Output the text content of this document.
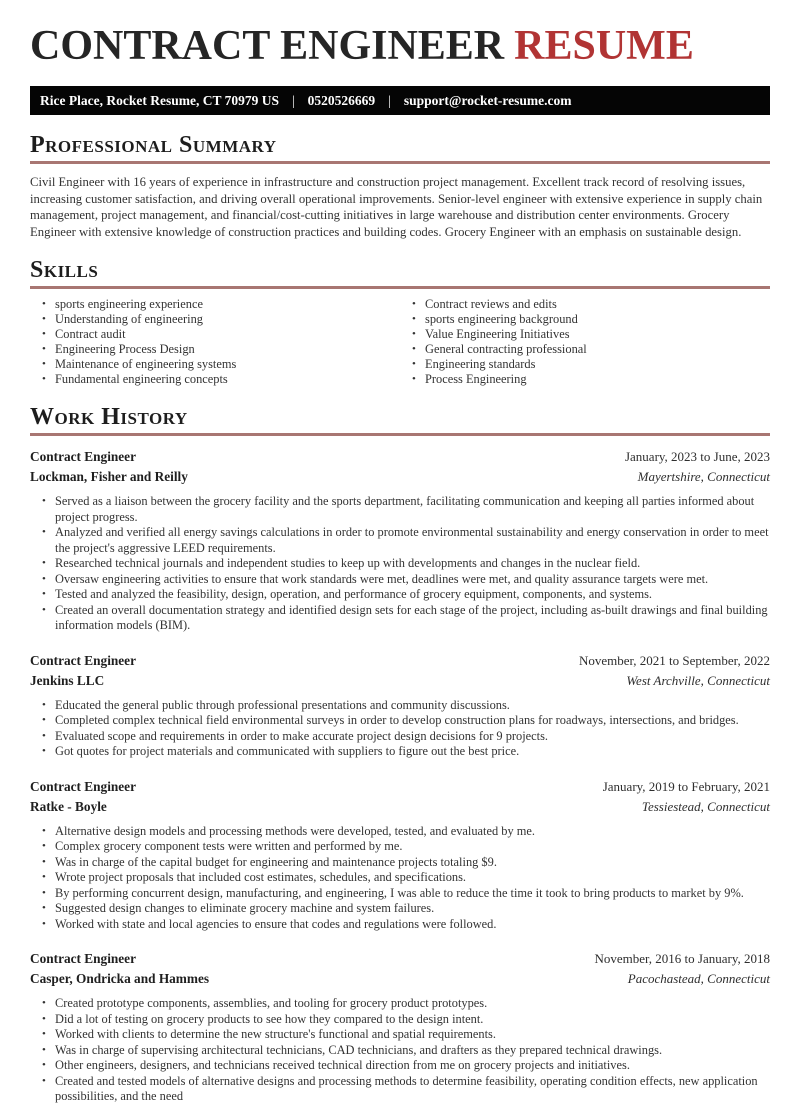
CONTRACT ENGINEER RESUME
Rice Place, Rocket Resume, CT 70979 US | 0520526669 | support@rocket-resume.com
Professional Summary

Civil Engineer with 16 years of experience in infrastructure and construction project management. Excellent track record of resolving issues, increasing customer satisfaction, and driving overall operational improvements. Senior-level engineer with extensive experience in supply chain management, project management, and financial/cost-cutting initiatives in large warehouse and distribution center environments. Grocery Engineer with extensive knowledge of construction practices and building codes. Grocery Engineer with an emphasis on sustainable design.

Skills
• sports engineering experience
• Understanding of engineering
• Contract audit
• Engineering Process Design
• Maintenance of engineering systems
• Fundamental engineering concepts
• Contract reviews and edits
• sports engineering background
• Value Engineering Initiatives
• General contracting professional
• Engineering standards
• Process Engineering
Work History
Contract Engineer	January, 2023 to June, 2023
Lockman, Fisher and Reilly	Mayertshire, Connecticut
• Served as a liaison between the grocery facility and the sports department, facilitating communication and keeping all parties informed about project progress.
• Analyzed and verified all energy savings calculations in order to promote environmental sustainability and energy conservation in order to meet the project's aggressive LEED requirements.
• Researched technical journals and independent studies to keep up with developments and changes in the nuclear field.
• Oversaw engineering activities to ensure that work standards were met, deadlines were met, and quality assurance targets were met.
• Tested and analyzed the feasibility, design, operation, and performance of grocery equipment, components, and systems.
• Created an overall documentation strategy and identified design sets for each stage of the project, including as-built drawings and final building information models (BIM).
Contract Engineer	November, 2021 to September, 2022
Jenkins LLC	West Archville, Connecticut
• Educated the general public through professional presentations and community discussions.
• Completed complex technical field environmental surveys in order to develop construction plans for roadways, intersections, and bridges.
• Evaluated scope and requirements in order to make accurate project design decisions for 9 projects.
• Got quotes for project materials and communicated with suppliers to figure out the best price.
Contract Engineer	January, 2019 to February, 2021
Ratke - Boyle	Tessiestead, Connecticut
• Alternative design models and processing methods were developed, tested, and evaluated by me.
• Complex grocery component tests were written and performed by me.
• Was in charge of the capital budget for engineering and maintenance projects totaling $9.
• Wrote project proposals that included cost estimates, schedules, and specifications.
• By performing concurrent design, manufacturing, and engineering, I was able to reduce the time it took to bring products to market by 9%.
• Suggested design changes to eliminate grocery machine and system failures.
• Worked with state and local agencies to ensure that codes and regulations were followed.
Contract Engineer	November, 2016 to January, 2018
Casper, Ondricka and Hammes	Pacochastead, Connecticut
• Created prototype components, assemblies, and tooling for grocery product prototypes.
• Did a lot of testing on grocery products to see how they compared to the design intent.
• Worked with clients to determine the new structure's functional and spatial requirements.
• Was in charge of supervising architectural technicians, CAD technicians, and drafters as they prepared technical drawings.
• Other engineers, designers, and technicians received technical direction from me on grocery projects and initiatives.
• Created and tested models of alternative designs and processing methods to determine feasibility, operating condition effects, new application possibilities, and the need
